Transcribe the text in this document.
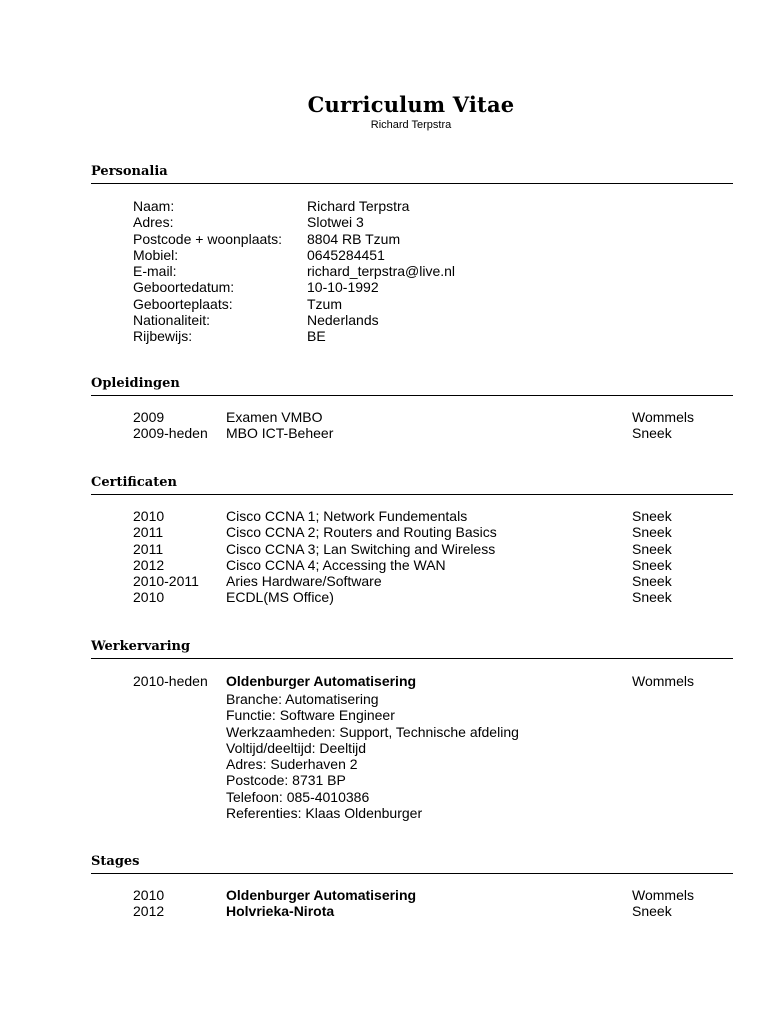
Curriculum Vitae
Richard Terpstra
Personalia
Naam:	Richard Terpstra
Adres:	Slotwei 3
Postcode + woonplaats: 8804 RB Tzum
Mobiel:	0645284451
E-mail:	richard_terpstra@live.nl
Geboortedatum:	10-10-1992
Geboorteplaats:	Tzum
Nationaliteit:	Nederlands
Rijbewijs:	BE
Opleidingen
2009	Examen VMBO	Wommels
2009-heden MBO ICT-Beheer	Sneek
Certificaten
2010	Cisco CCNA 1; Network Fundementals	Sneek
2011	Cisco CCNA 2; Routers and Routing Basics	Sneek
2011	Cisco CCNA 3; Lan Switching and Wireless	Sneek
2012	Cisco CCNA 4; Accessing the WAN	Sneek
2010-2011 Aries Hardware/Software	Sneek
2010	ECDL(MS Office)	Sneek
Werkervaring
2010-heden Oldenburger Automatisering	Wommels
Branche: Automatisering
Functie: Software Engineer
Werkzaamheden: Support, Technische afdeling
Voltijd/deeltijd: Deeltijd
Adres: Suderhaven 2
Postcode: 8731 BP
Telefoon: 085-4010386
Referenties: Klaas Oldenburger
Stages
2010	Oldenburger Automatisering	Wommels
2012	Holvrieka-Nirota	Sneek
